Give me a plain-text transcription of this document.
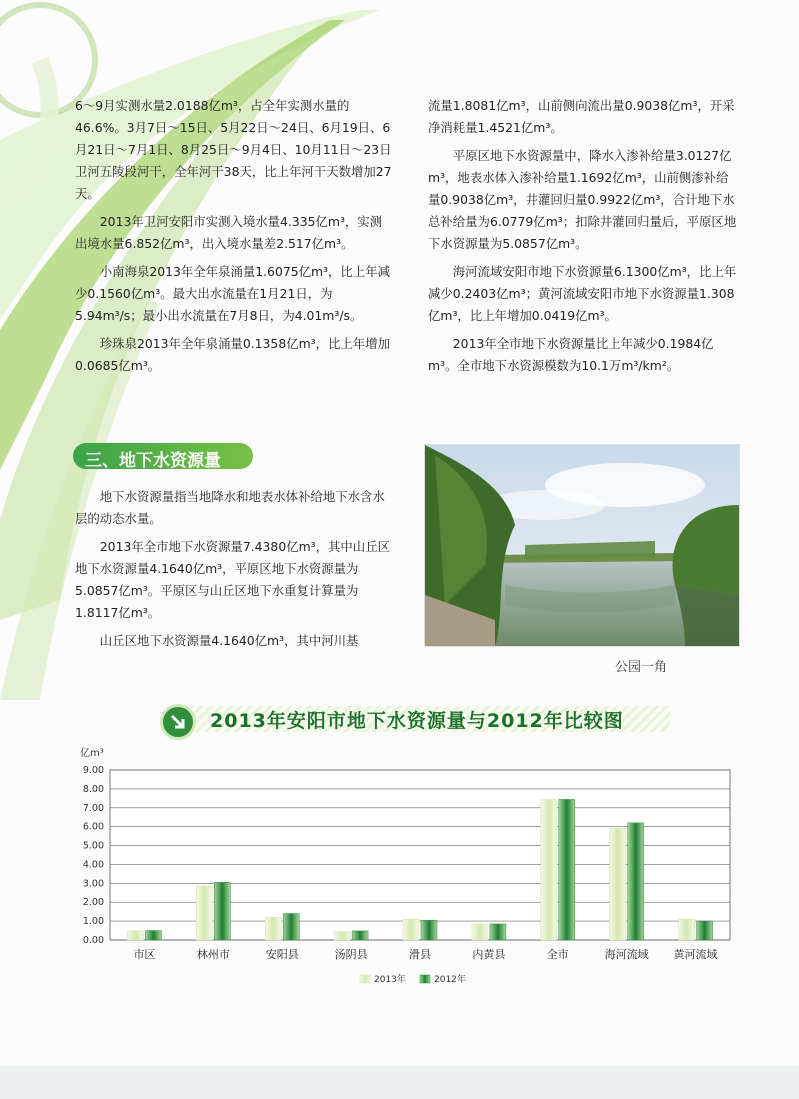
6～9月实测水量2.0188亿m³，占全年实测水量的46.6%。3月7日～15日、5月22日～24日、6月19日、6月21日～7月1日、8月25日～9月4日、10月11日～23日卫河五陵段河干，全年河干38天，比上年河干天数增加27天。

2013年卫河安阳市实测入境水量4.335亿m³，实测出境水量6.852亿m³，出入境水量差2.517亿m³。

小南海泉2013年全年泉涌量1.6075亿m³，比上年减少0.1560亿m³。最大出水流量在1月21日，为5.94m³/s；最小出水流量在7月8日，为4.01m³/s。

珍珠泉2013年全年泉涌量0.1358亿m³，比上年增加0.0685亿m³。

三、地下水资源量

地下水资源量指当地降水和地表水体补给地下水含水层的动态水量。

2013年全市地下水资源量7.4380亿m³，其中山丘区地下水资源量4.1640亿m³，平原区地下水资源量为5.0857亿m³。平原区与山丘区地下水重复计算量为1.8117亿m³。

山丘区地下水资源量4.1640亿m³，其中河川基

流量1.8081亿m³，山前侧向流出量0.9038亿m³，开采净消耗量1.4521亿m³。

平原区地下水资源量中，降水入渗补给量3.0127亿m³，地表水体入渗补给量1.1692亿m³，山前侧渗补给量0.9038亿m³，井灌回归量0.9922亿m³，合计地下水总补给量为6.0779亿m³；扣除井灌回归量后，平原区地下水资源量为5.0857亿m³。

海河流域安阳市地下水资源量6.1300亿m³，比上年减少0.2403亿m³；黄河流域安阳市地下水资源量1.308亿m³，比上年增加0.0419亿m³。

2013年全市地下水资源量比上年减少0.1984亿m³。全市地下水资源模数为10.1万m³/km²。

公园一角
2013年安阳市地下水资源量与2012年比较图
亿m³
0.00
1.00
2.00
3.00
4.00
5.00
6.00
7.00
8.00
9.00
市区	林州市	安阳县	汤阴县	滑县	内黄县	全市	海河流域 黄河流域
2013年	2012年
